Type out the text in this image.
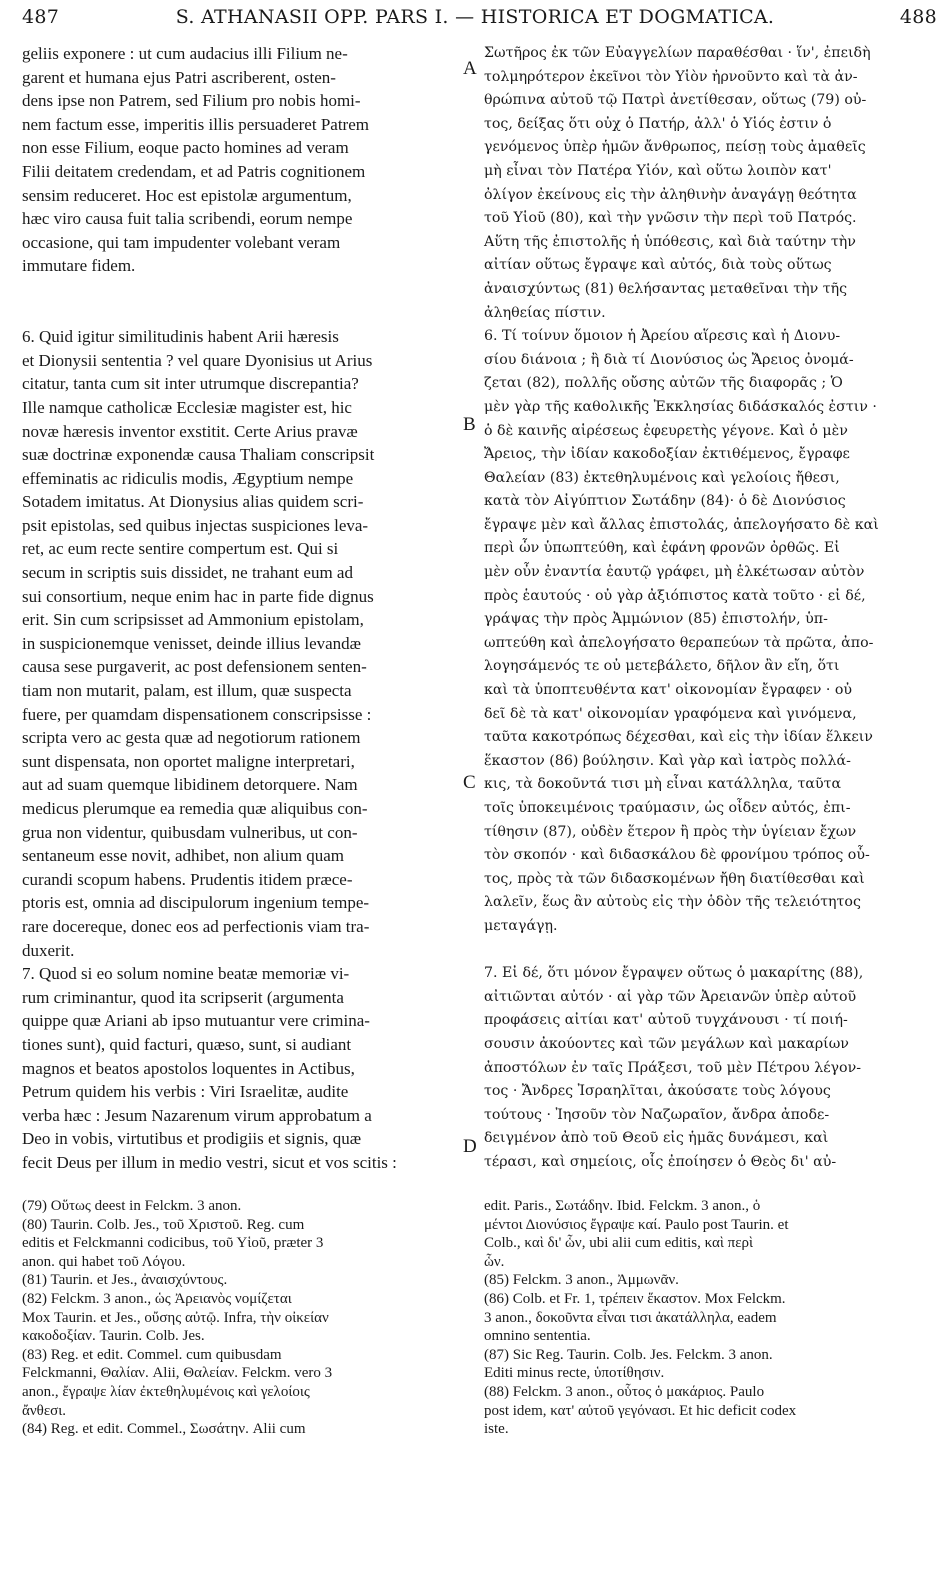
487	S. ATHANASII OPP. PARS I. — HISTORICA ET DOGMATICA.	488
geliis exponere : ut cum audacius illi Filium ne-
garent et humana ejus Patri ascriberent, osten-
dens ipse non Patrem, sed Filium pro nobis homi-
nem factum esse, imperitis illis persuaderet Patrem
non esse Filium, eoque pacto homines ad veram
Filii deitatem credendam, et ad Patris cognitionem
sensim reduceret. Hoc est epistolæ argumentum,
hæc viro causa fuit talia scribendi, eorum nempe
occasione, qui tam impudenter volebant veram
immutare fidem.
6. Quid igitur similitudinis habent Arii hæresis
et Dionysii sententia ? vel quare Dyonisius ut Arius
citatur, tanta cum sit inter utrumque discrepantia?
Ille namque catholicæ Ecclesiæ magister est, hic
novæ hæresis inventor exstitit. Certe Arius pravæ
suæ doctrinæ exponendæ causa Thaliam conscripsit
effeminatis ac ridiculis modis, Ægyptium nempe
Sotadem imitatus. At Dionysius alias quidem scri-
psit epistolas, sed quibus injectas suspiciones leva-
ret, ac eum recte sentire compertum est. Qui si
secum in scriptis suis dissidet, ne trahant eum ad
sui consortium, neque enim hac in parte fide dignus
erit. Sin cum scripsisset ad Ammonium epistolam,
in suspicionemque venisset, deinde illius levandæ
causa sese purgaverit, ac post defensionem senten-
tiam non mutarit, palam, est illum, quæ suspecta
fuere, per quamdam dispensationem conscripsisse :
scripta vero ac gesta quæ ad negotiorum rationem
sunt dispensata, non oportet maligne interpretari,
aut ad suam quemque libidinem detorquere. Nam
medicus plerumque ea remedia quæ aliquibus con-
grua non videntur, quibusdam vulneribus, ut con-
sentaneum esse novit, adhibet, non alium quam
curandi scopum habens. Prudentis itidem præce-
ptoris est, omnia ad discipulorum ingenium tempe-
rare docereque, donec eos ad perfectionis viam tra-
duxerit.
7. Quod si eo solum nomine beatæ memoriæ vi-
rum criminantur, quod ita scripserit (argumenta
quippe quæ Ariani ab ipso mutuantur vere crimina-
tiones sunt), quid facturi, quæso, sunt, si audiant
magnos et beatos apostolos loquentes in Actibus,
Petrum quidem his verbis : Viri Israelitæ, audite
verba hæc : Jesum Nazarenum virum approbatum a
Deo in vobis, virtutibus et prodigiis et signis, quæ
fecit Deus per illum in medio vestri, sicut et vos scitis :
Σωτῆρος ἐκ τῶν Εὐαγγελίων παραθέσθαι · ἵν', ἐπειδὴ
τολμηρότερον ἐκεῖνοι τὸν Υἱὸν ἠρνοῦντο καὶ τὰ ἀν-
θρώπινα αὐτοῦ τῷ Πατρὶ ἀνετίθεσαν, οὕτως (79) οὐ-
τος, δείξας ὅτι οὐχ ὁ Πατήρ, ἀλλ' ὁ Υἱός ἐστιν ὁ
γενόμενος ὑπὲρ ἡμῶν ἄνθρωπος, πείσῃ τοὺς ἀμαθεῖς
μὴ εἶναι τὸν Πατέρα Υἱόν, καὶ οὕτω λοιπὸν κατ'
ὀλίγον ἐκείνους εἰς τὴν ἀληθινὴν ἀναγάγῃ θεότητα
τοῦ Υἱοῦ (80), καὶ τὴν γνῶσιν τὴν περὶ τοῦ Πατρός.
Αὕτη τῆς ἐπιστολῆς ἡ ὑπόθεσις, καὶ διὰ ταύτην τὴν
αἰτίαν οὕτως ἔγραψε καὶ αὐτός, διὰ τοὺς οὕτως
ἀναισχύντως (81) θελήσαντας μεταθεῖναι τὴν τῆς
ἀληθείας πίστιν.
6. Τί τοίνυν ὅμοιον ἡ Ἀρείου αἵρεσις καὶ ἡ Διονυ-
σίου διάνοια ; ἢ διὰ τί Διονύσιος ὡς Ἄρειος ὀνομά-
ζεται (82), πολλῆς οὔσης αὐτῶν τῆς διαφορᾶς ; Ὁ
μὲν γὰρ τῆς καθολικῆς Ἐκκλησίας διδάσκαλός ἐστιν ·
ὁ δὲ καινῆς αἱρέσεως ἐφευρετὴς γέγονε. Καὶ ὁ μὲν
Ἄρειος, τὴν ἰδίαν κακοδοξίαν ἐκτιθέμενος, ἔγραφε
Θαλείαν (83) ἐκτεθηλυμένοις καὶ γελοίοις ἤθεσι,
κατὰ τὸν Αἰγύπτιον Σωτάδην (84)· ὁ δὲ Διονύσιος
ἔγραψε μὲν καὶ ἄλλας ἐπιστολάς, ἀπελογήσατο δὲ καὶ
περὶ ὧν ὑπωπτεύθη, καὶ ἐφάνη φρονῶν ὀρθῶς. Εἰ
μὲν οὖν ἐναντία ἑαυτῷ γράφει, μὴ ἑλκέτωσαν αὐτὸν
πρὸς ἑαυτούς · οὐ γὰρ ἀξιόπιστος κατὰ τοῦτο · εἰ δέ,
γράψας τὴν πρὸς Ἀμμώνιον (85) ἐπιστολήν, ὑπ-
ωπτεύθη καὶ ἀπελογήσατο θεραπεύων τὰ πρῶτα, ἀπο-
λογησάμενός τε οὐ μετεβάλετο, δῆλον ἂν εἴη, ὅτι
καὶ τὰ ὑποπτευθέντα κατ' οἰκονομίαν ἔγραφεν · οὐ
δεῖ δὲ τὰ κατ' οἰκονομίαν γραφόμενα καὶ γινόμενα,
ταῦτα κακοτρόπως δέχεσθαι, καὶ εἰς τὴν ἰδίαν ἕλκειν
ἕκαστον (86) βούλησιν. Καὶ γὰρ καὶ ἰατρὸς πολλά-
κις, τὰ δοκοῦντά τισι μὴ εἶναι κατάλληλα, ταῦτα
τοῖς ὑποκειμένοις τραύμασιν, ὡς οἶδεν αὐτός, ἐπι-
τίθησιν (87), οὐδὲν ἕτερον ἢ πρὸς τὴν ὑγίειαν ἔχων
τὸν σκοπόν · καὶ διδασκάλου δὲ φρονίμου τρόπος οὗ-
τος, πρὸς τὰ τῶν διδασκομένων ἤθη διατίθεσθαι καὶ
λαλεῖν, ἕως ἂν αὐτοὺς εἰς τὴν ὁδὸν τῆς τελειότητος
μεταγάγῃ.
7. Εἰ δέ, ὅτι μόνον ἔγραψεν οὕτως ὁ μακαρίτης (88),
αἰτιῶνται αὐτόν · αἱ γὰρ τῶν Ἀρειανῶν ὑπὲρ αὐτοῦ
προφάσεις αἰτίαι κατ' αὐτοῦ τυγχάνουσι · τί ποιή-
σουσιν ἀκούοντες καὶ τῶν μεγάλων καὶ μακαρίων
ἀποστόλων ἐν ταῖς Πράξεσι, τοῦ μὲν Πέτρου λέγον-
τος · Ἄνδρες Ἰσραηλῖται, ἀκούσατε τοὺς λόγους
τούτους · Ἰησοῦν τὸν Ναζωραῖον, ἄνδρα ἀποδε-
δειγμένον ἀπὸ τοῦ Θεοῦ εἰς ἡμᾶς δυνάμεσι, καὶ
τέρασι, καὶ σημείοις, οἷς ἐποίησεν ὁ Θεὸς δι' αὐ-
A
B
C
D
(79) Οὕτως deest in Felckm. 3 anon.
(80) Taurin. Colb. Jes., τοῦ Χριστοῦ. Reg. cum
editis et Felckmanni codicibus, τοῦ Υἱοῦ, præter 3
anon. qui habet τοῦ Λόγου.
(81) Taurin. et Jes., ἀναισχύντους.
(82) Felckm. 3 anon., ὡς Ἀρειανὸς νομίζεται
Mox Taurin. et Jes., οὔσης αὐτῷ. Infra, τὴν οἰκείαν
κακοδοξίαν. Taurin. Colb. Jes.
(83) Reg. et edit. Commel. cum quibusdam
Felckmanni, Θαλίαν. Alii, Θαλείαν. Felckm. vero 3
anon., ἔγραψε λίαν ἐκτεθηλυμένοις καὶ γελοίοις
ἄνθεσι.
(84) Reg. et edit. Commel., Σωσάτην. Alii cum
edit. Paris., Σωτάδην. Ibid. Felckm. 3 anon., ὁ
μέντοι Διονύσιος ἔγραψε καί. Paulo post Taurin. et
Colb., καὶ δι' ὧν, ubi alii cum editis, καὶ περὶ
ὧν.
(85) Felckm. 3 anon., Ἀμμωνᾶν.
(86) Colb. et Fr. 1, τρέπειν ἕκαστον. Mox Felckm.
3 anon., δοκοῦντα εἶναι τισι ἀκατάλληλα, eadem
omnino sententia.
(87) Sic Reg. Taurin. Colb. Jes. Felckm. 3 anon.
Editi minus recte, ὑποτίθησιν.
(88) Felckm. 3 anon., οὗτος ὁ μακάριος. Paulo
post idem, κατ' αὐτοῦ γεγόνασι. Et hic deficit codex
iste.
